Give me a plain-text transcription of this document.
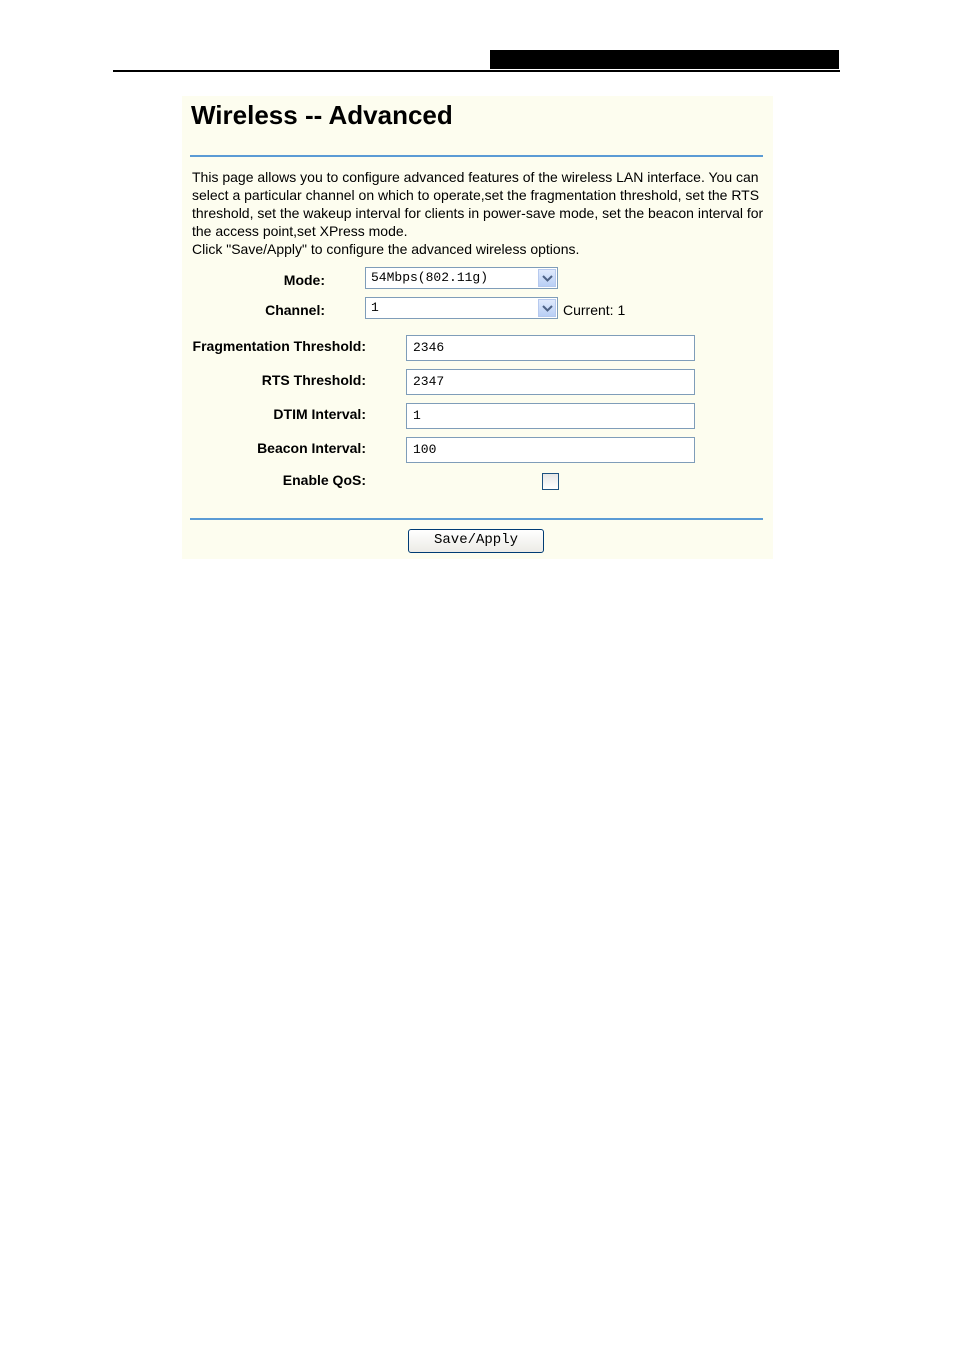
Wireless -- Advanced

This page allows you to configure advanced features of the wireless LAN interface. You can select a particular channel on which to operate,set the fragmentation threshold, set the RTS threshold, set the wakeup interval for clients in power-save mode, set the beacon interval for the access point,set XPress mode.

Click "Save/Apply" to configure the advanced wireless options.

Mode:	54Mbps(802.11g)
Channel:	1	Current: 1
Fragmentation Threshold:	2346
RTS Threshold:	2347
DTIM Interval:	1
Beacon Interval:	100
Enable QoS:
Save/Apply
